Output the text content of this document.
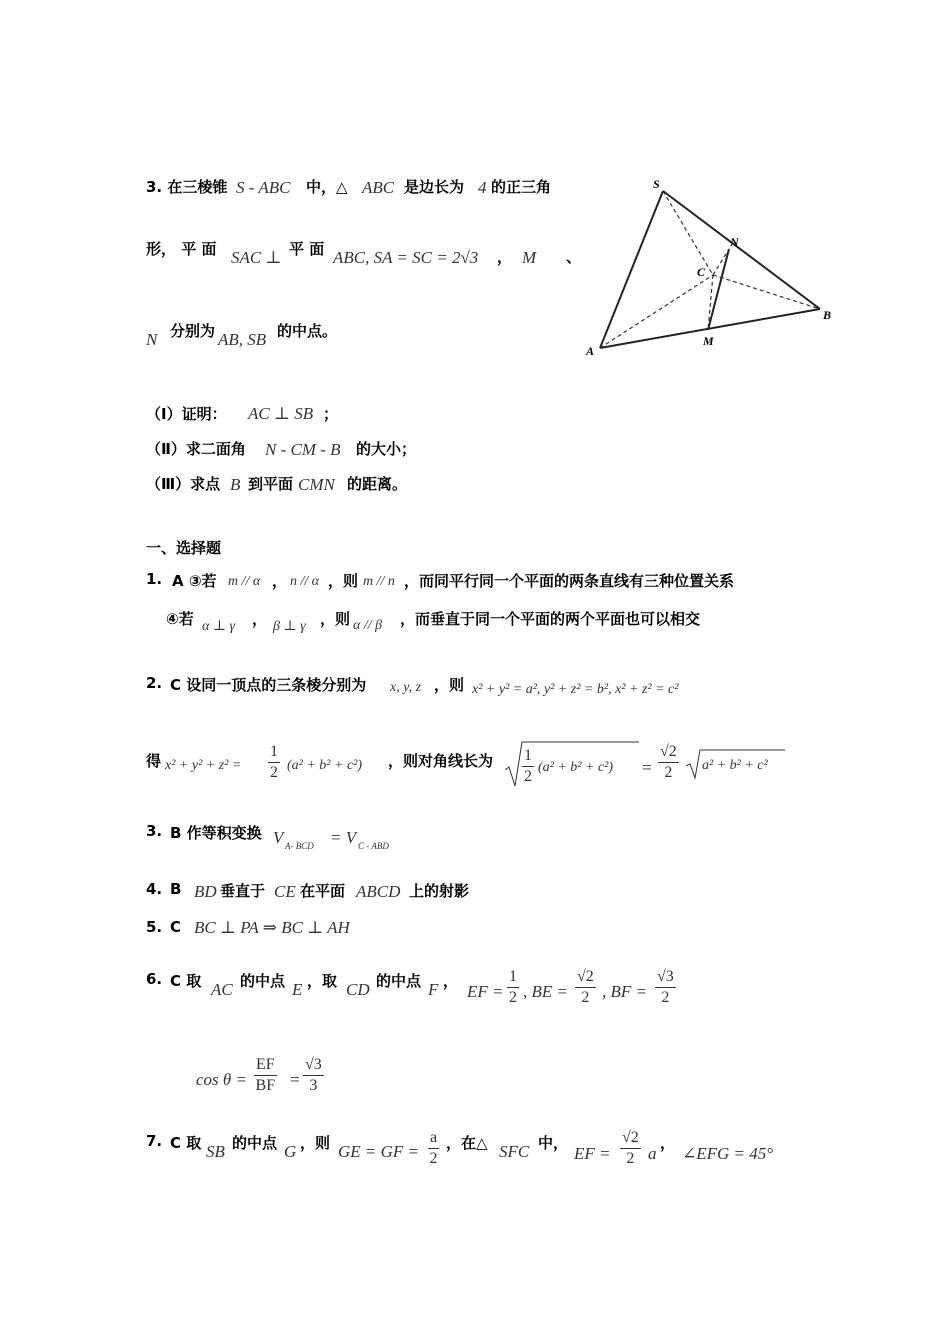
3. 在三棱锥 S - ABC 中，△ ABC 是边长为 4 的正三角
形， 平 面 SAC ⊥ 平 面 ABC, SA = SC = 2√3 ， M 、
N 分别为 AB, SB 的中点。
（Ⅰ）证明： AC ⊥ SB ；
（Ⅱ）求二面角 N - CM - B 的大小；
（Ⅲ）求点 B 到平面 CMN 的距离。
S
N
C
B
A
M
一、选择题
1. A ③若 m // α ， n // α ，则 m // n ，而同平行同一个平面的两条直线有三种位置关系
④若 α ⊥ γ ， β ⊥ γ ，则 α // β ，而垂直于同一个平面的两个平面也可以相交
2. C 设同一顶点的三条棱分别为 x, y, z ，则 x² + y² = a², y² + z² = b², x² + z² = c²
得 $x^2 + y^2 + z^2 = \frac{1}{2} (a^2 + b^2 + c^2)$ ，则对角线长为 $\frac{1}{2} (a^2 + b^2 + c^2) = \frac{√2}{2} a^2 + b^2 + c^2$
3. B 作等积变换 V A- BCD = V C - ABD
4. B BD 垂直于 CE 在平面 ABCD 上的射影
5. C BC ⊥ PA ⇒ BC ⊥ AH
6. C 取 AC 的中点 E ，取 CD 的中点 F ，
EF = $\frac{1}{2}$ , BE = $\frac{√2}{2}$ , BF = $\frac{√3}{2}$
$\cos \theta = \frac{EF}{BF} = \frac{√3}{3}$
7. C 取 SB 的中点 G ，则 GE = GF = $\frac{a}{2}$ ，在△ SFC 中，
EF = $\frac{√2}{2}$ a
，
∠EFG = 45°
